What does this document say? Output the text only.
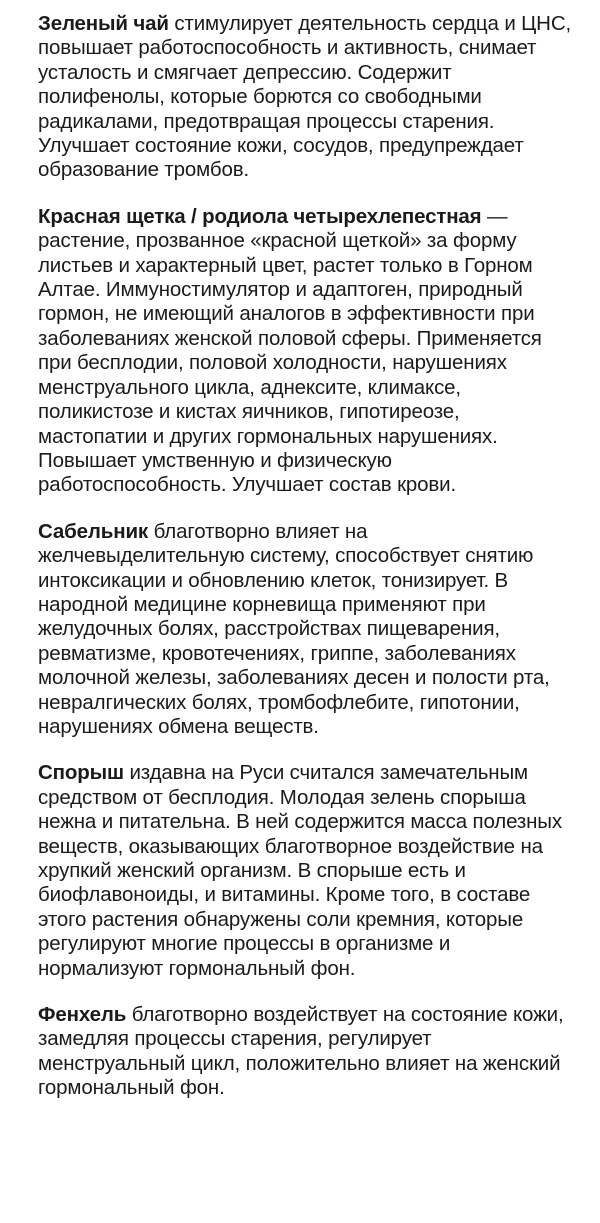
Зеленый чай стимулирует деятельность сердца и ЦНС, повышает работоспособность и активность, снимает усталость и смягчает депрессию. Содержит полифенолы, которые борются со свободными радикалами, предотвращая процессы старения. Улучшает состояние кожи, сосудов, предупреждает образование тромбов.

Красная щетка / родиола четырехлепестная — растение, прозванное «красной щеткой» за форму листьев и характерный цвет, растет только в Горном Алтае. Иммуностимулятор и адаптоген, природный гормон, не имеющий аналогов в эффективности при заболеваниях женской половой сферы. Применяется при бесплодии, половой холодности, нарушениях менструального цикла, аднексите, климаксе, поликистозе и кистах яичников, гипотиреозе, мастопатии и других гормональных нарушениях. Повышает умственную и физическую работоспособность. Улучшает состав крови.

Сабельник благотворно влияет на желчевыделительную систему, способствует снятию интоксикации и обновлению клеток, тонизирует. В народной медицине корневища применяют при желудочных болях, расстройствах пищеварения, ревматизме, кровотечениях, гриппе, заболеваниях молочной железы, заболеваниях десен и полости рта, невралгических болях, тромбофлебите, гипотонии, нарушениях обмена веществ.

Спорыш издавна на Руси считался замечательным средством от бесплодия. Молодая зелень спорыша нежна и питательна. В ней содержится масса полезных веществ, оказывающих благотворное воздействие на хрупкий женский организм. В спорыше есть и биофлавоноиды, и витамины. Кроме того, в составе этого растения обнаружены соли кремния, которые регулируют многие процессы в организме и нормализуют гормональный фон.

Фенхель благотворно воздействует на состояние кожи, замедляя процессы старения, регулирует менструальный цикл, положительно влияет на женский гормональный фон.
